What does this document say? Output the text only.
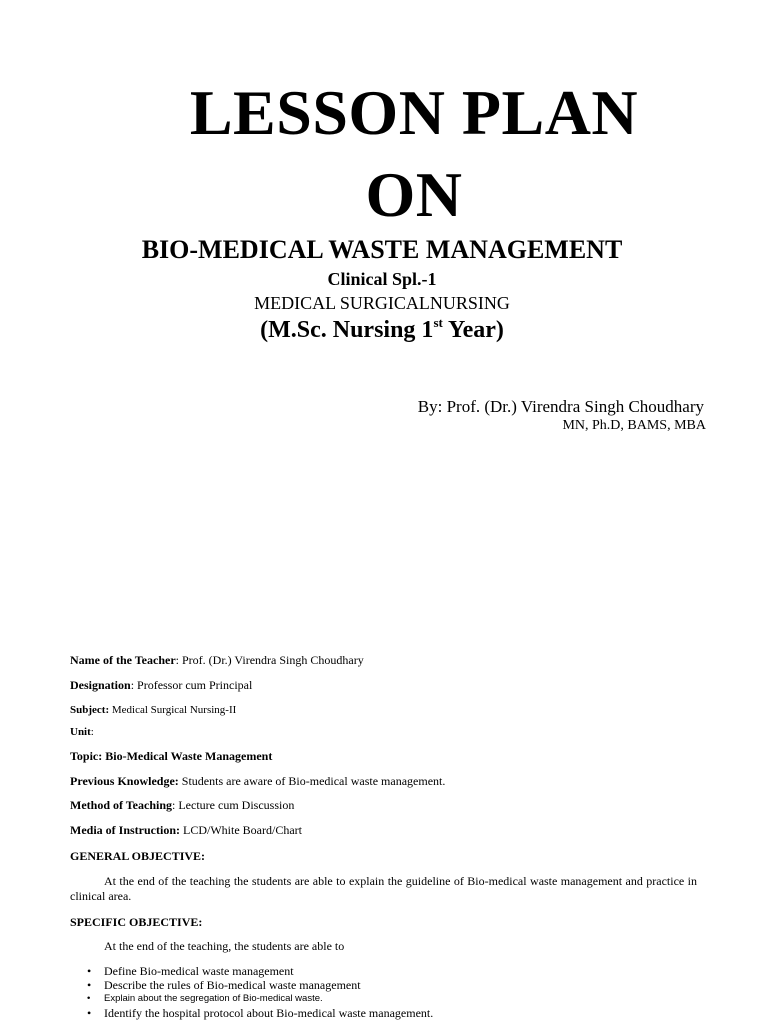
LESSON PLAN
ON
BIO-MEDICAL WASTE MANAGEMENT
Clinical Spl.-1
MEDICAL SURGICALNURSING
(M.Sc. Nursing 1st Year)
By: Prof. (Dr.) Virendra Singh Choudhary
MN, Ph.D, BAMS, MBA
Name of the Teacher: Prof. (Dr.) Virendra Singh Choudhary
Designation: Professor cum Principal
Subject: Medical Surgical Nursing-II
Unit:
Topic: Bio-Medical Waste Management
Previous Knowledge: Students are aware of Bio-medical waste management.
Method of Teaching: Lecture cum Discussion
Media of Instruction: LCD/White Board/Chart
GENERAL OBJECTIVE:
At the end of the teaching the students are able to explain the guideline of Bio-medical waste management and practice in clinical area.
SPECIFIC OBJECTIVE:
At the end of the teaching, the students are able to
• Define Bio-medical waste management
• Describe the rules of Bio-medical waste management
• Explain about the segregation of Bio-medical waste.
• Identify the hospital protocol about Bio-medical waste management.
